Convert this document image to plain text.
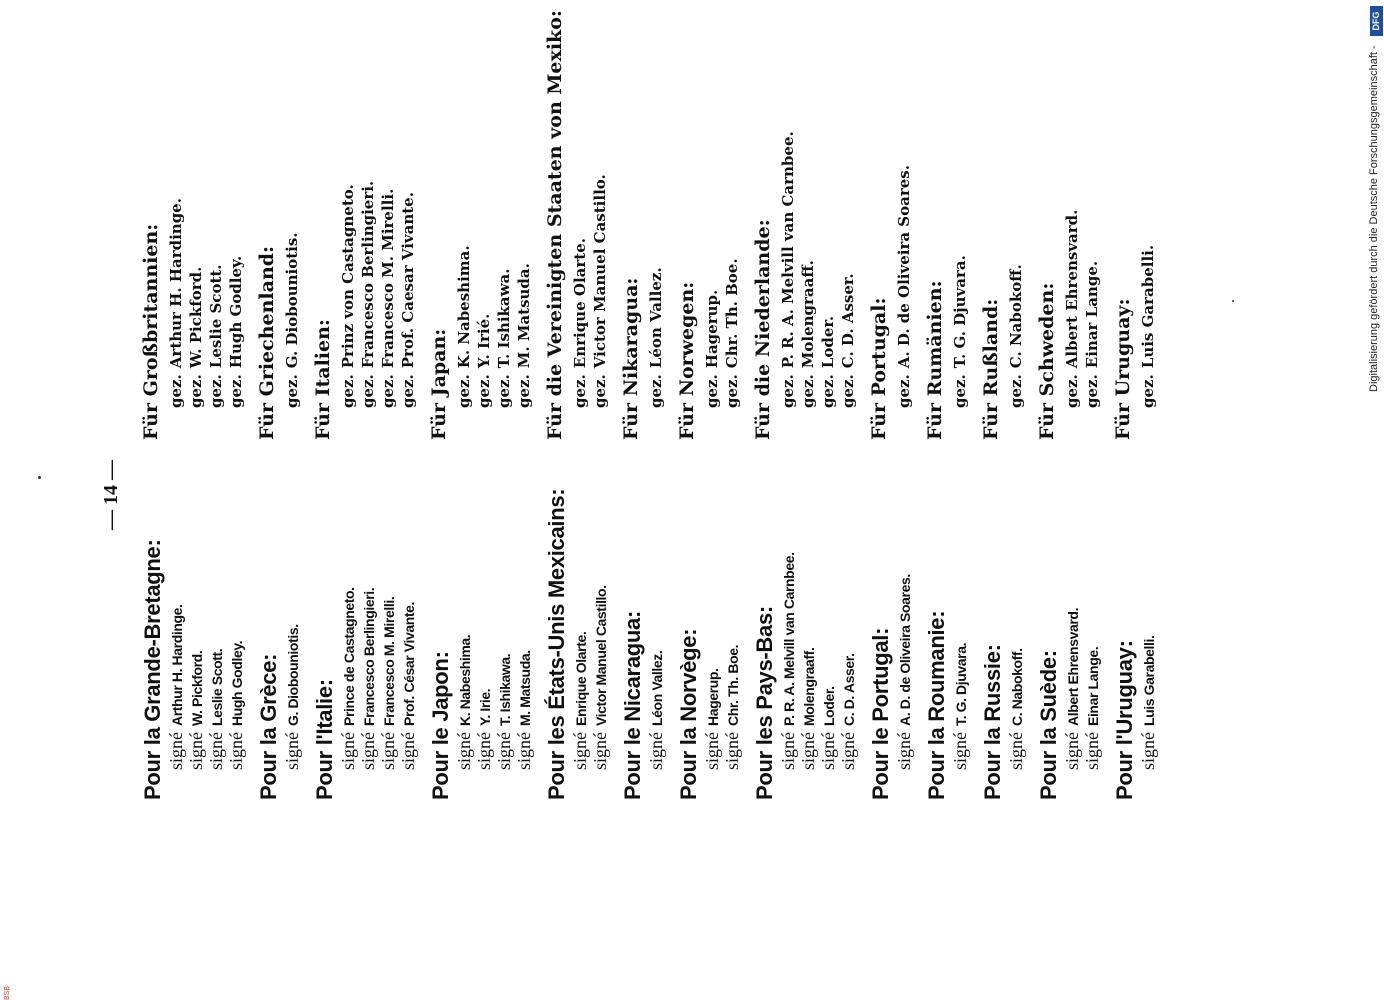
— 14 —
Pour la Grande-Bretagne: signéArthur H. Hardinge.
signéW. Pickford.
signéLeslie Scott.
signéHugh Godley. Pour la Grèce: signéG. Diobouniotis.
Pour l'Italie: signéPrince de Castagneto.
signéFrancesco Berlingieri.
signéFrancesco M. Mirelli.
signéProf. César Vivante. Pour le Japon: signéK. Nabeshima.
signéY. Irie.
signéT. Ishikawa.
signéM. Matsuda. Pour les États-Unis Mexicains: signéEnrique Olarte.
signéVictor Manuel Castillo. Pour le Nicaragua: signéLéon Vallez. Pour la Norvège: signéHagerup.
signéChr. Th. Boe. Pour les Pays-Bas: signéP. R. A. Melvill van Carnbee.
signéMolengraaff.
signéLoder.
signéC. D. Asser. Pour le Portugal: signéA. D. de Oliveira Soares. Pour la Roumanie: signéT. G. Djuvara. Pour la Russie: signéC. Nabokoff. Pour la Suède: signéAlbert Ehrensvard.
signéEinar Lange. Pour l'Uruguay: signéLuis Garabelli.
Für Großbritannien: gez.Arthur H. Hardinge.
gez.W. Pickford.
gez.Leslie Scott.
gez.Hugh Godley. Für Griechenland: gez.G. Diobouniotis.
Für Italien: gez.Prinz von Castagneto.
gez.Francesco Berlingieri.
gez.Francesco M. Mirelli.
gez.Prof. Caesar Vivante.
Für Japan: gez.K. Nabeshima.
gez.Y. Irié.
gez.T. Ishikawa.
gez.M. Matsuda. Für die Vereinigten Staaten von Mexiko: gez.Enrique Olarte.
gez.Victor Manuel Castillo. Für Nikaragua: gez.Léon Vallez. Für Norwegen: gez.Hagerup.
gez.Chr. Th. Boe. Für die Niederlande: gez.P. R. A. Melvill van Carnbee.
gez.Molengraaff.
gez.Loder.
gez.C. D. Asser. Für Portugal: gez.A. D. de Oliveira Soares. Für Rumänien: gez.T. G. Djuvara. Für Rußland: gez.C. Nabokoff. Für Schweden: gez.Albert Ehrensvard.
gez.Einar Lange. Für Uruguay: gez.Luis Garabelli.	Digitalisierung gefördert durch die Deutsche Forschungsgemeinschaft -
DFG
BSB
